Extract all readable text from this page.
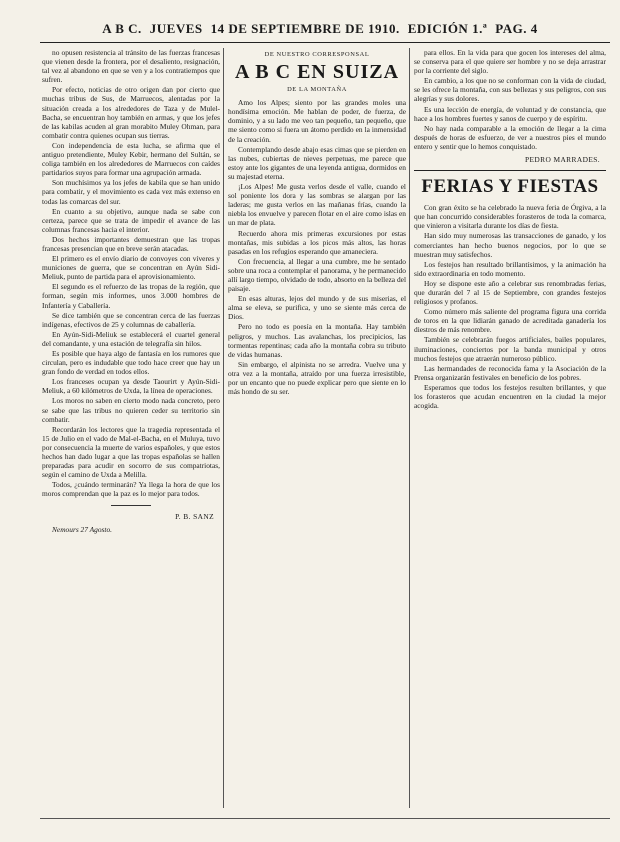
A B C. JUEVES 14 DE SEPTIEMBRE DE 1910. EDICIÓN 1.ª PAG. 4

no opusen resistencia al tránsito de las fuerzas francesas que vienen desde la frontera, por el desaliento, resignación, tal vez al abandono en que se ven y a los contratiempos que sufren.

Por efecto, noticias de otro origen dan por cierto que muchas tribus de Sus, de Marruecos, alentadas por la situación creada a los alrededores de Taza y de Mulel-Bacha, se encuentran hoy también en armas, y que los jefes de las kabilas acuden al gran morabito Muley Ohman, para combatir contra quienes ocupan sus tierras.

Con independencia de esta lucha, se afirma que el antiguo pretendiente, Muley Kebir, hermano del Sultán, se coliga también en los alrededores de Marruecos con caídes partidarios suyos para formar una agrupación armada.

Son muchísimos ya los jefes de kabila que se han unido para combatir, y el movimiento es cada vez más extenso en todas las comarcas del sur.

En cuanto a su objetivo, aunque nada se sabe con certeza, parece que se trata de impedir el avance de las columnas francesas hacia el interior.

Dos hechos importantes demuestran que las tropas francesas presencian que en breve serán atacadas.

El primero es el envío diario de convoyes con víveres y municiones de guerra, que se concentran en Ayún Sidi-Meliuk, punto de partida para el aprovisionamiento.

El segundo es el refuerzo de las tropas de la región, que forman, según mis informes, unos 3.000 hombres de Infantería y Caballería.

Se dice también que se concentran cerca de las fuerzas indígenas, efectivos de 25 y columnas de caballería.

En Ayún-Sidi-Meliuk se establecerá el cuartel general del comandante, y una estación de telegrafía sin hilos.

Es posible que haya algo de fantasía en los rumores que circulan, pero es indudable que todo hace creer que hay un gran fondo de verdad en todos ellos.

Los franceses ocupan ya desde Taourirt y Ayún-Sidi-Meliuk, a 60 kilómetros de Uxda, la línea de operaciones.

Los moros no saben en cierto modo nada concreto, pero se sabe que las tribus no quieren ceder su territorio sin combatir.

Recordarán los lectores que la tragedia representada el 15 de Julio en el vado de Mal-el-Bacha, en el Muluya, tuvo por consecuencia la muerte de varios españoles, y que estos hechos han dado lugar a que las tropas españolas se hallen preparadas para acudir en socorro de sus compatriotas, según el camino de Uxda a Melilla.

Todos, ¿cuándo terminarán? Ya llega la hora de que los moros comprendan que la paz es lo mejor para todos.

P. B. SANZ
Nemours 27 Agosto.
DE NUESTRO CORRESPONSAL
A B C EN SUIZA
DE LA MONTAÑA

Amo los Alpes; siento por las grandes moles una hondísima emoción. Me hablan de poder, de fuerza, de dominio, y a su lado me veo tan pequeño, tan pequeño, que me siento como si fuera un átomo perdido en la inmensidad de la creación.

Contemplando desde abajo esas cimas que se pierden en las nubes, cubiertas de nieves perpetuas, me parece que estoy ante los gigantes de una leyenda antigua, dormidos en su majestad eterna.

¡Los Alpes! Me gusta verlos desde el valle, cuando el sol poniente los dora y las sombras se alargan por las laderas; me gusta verlos en las mañanas frías, cuando la niebla los envuelve y parecen flotar en el aire como islas en un mar de plata.

Recuerdo ahora mis primeras excursiones por estas montañas, mis subidas a los picos más altos, las horas pasadas en los refugios esperando que amaneciera.

Con frecuencia, al llegar a una cumbre, me he sentado sobre una roca a contemplar el panorama, y he permanecido allí largo tiempo, olvidado de todo, absorto en la belleza del paisaje.

En esas alturas, lejos del mundo y de sus miserias, el alma se eleva, se purifica, y uno se siente más cerca de Dios.

Pero no todo es poesía en la montaña. Hay también peligros, y muchos. Las avalanchas, los precipicios, las tormentas repentinas; cada año la montaña cobra su tributo de vidas humanas.

Sin embargo, el alpinista no se arredra. Vuelve una y otra vez a la montaña, atraído por una fuerza irresistible, por un encanto que no puede explicar pero que siente en lo más hondo de su ser.

para ellos. En la vida para que gocen los intereses del alma, se conserva para el que quiere ser hombre y no se deja arrastrar por la corriente del siglo.

En cambio, a los que no se conforman con la vida de ciudad, se les ofrece la montaña, con sus bellezas y sus peligros, con sus alegrías y sus dolores.

Es una lección de energía, de voluntad y de constancia, que hace a los hombres fuertes y sanos de cuerpo y de espíritu.

No hay nada comparable a la emoción de llegar a la cima después de horas de esfuerzo, de ver a nuestros pies el mundo entero y sentir que lo hemos conquistado.

PEDRO MARRADES.
FERIAS Y FIESTAS

Con gran éxito se ha celebrado la nueva feria de Órgiva, a la que han concurrido considerables forasteros de toda la comarca, que vinieron a visitarla durante los días de fiesta.

Han sido muy numerosas las transacciones de ganado, y los comerciantes han hecho buenos negocios, por lo que se muestran muy satisfechos.

Los festejos han resultado brillantísimos, y la animación ha sido extraordinaria en todo momento.

Hoy se dispone este año a celebrar sus renombradas ferias, que durarán del 7 al 15 de Septiembre, con grandes festejos religiosos y profanos.

Como número más saliente del programa figura una corrida de toros en la que lidiarán ganado de acreditada ganadería los diestros de más renombre.

También se celebrarán fuegos artificiales, bailes populares, iluminaciones, conciertos por la banda municipal y otros muchos festejos que atraerán numeroso público.

Las hermandades de reconocida fama y la Asociación de la Prensa organizarán festivales en beneficio de los pobres.

Esperamos que todos los festejos resulten brillantes, y que los forasteros que acudan encuentren en la ciudad la mejor acogida.
